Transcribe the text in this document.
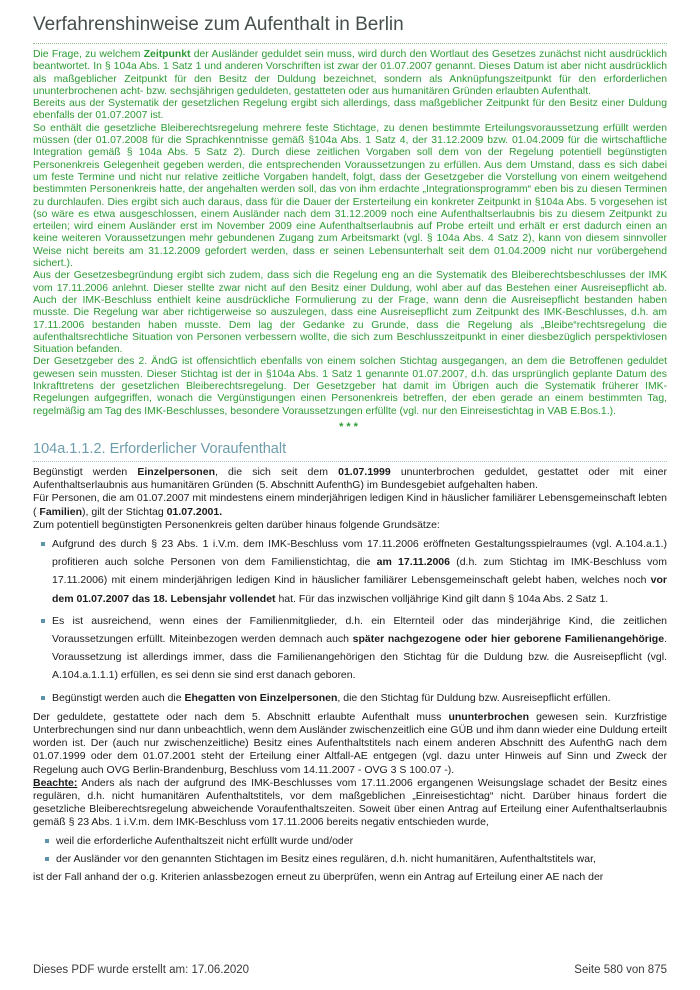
Verfahrenshinweise zum Aufenthalt in Berlin

Die Frage, zu welchem Zeitpunkt der Ausländer geduldet sein muss, wird durch den Wortlaut des Gesetzes zunächst nicht ausdrücklich beantwortet. In § 104a Abs. 1 Satz 1 und anderen Vorschriften ist zwar der 01.07.2007 genannt. Dieses Datum ist aber nicht ausdrücklich als maßgeblicher Zeitpunkt für den Besitz der Duldung bezeichnet, sondern als Anknüpfungszeitpunkt für den erforderlichen ununterbrochenen acht- bzw. sechsjährigen geduldeten, gestatteten oder aus humanitären Gründen erlaubten Aufenthalt.

Bereits aus der Systematik der gesetzlichen Regelung ergibt sich allerdings, dass maßgeblicher Zeitpunkt für den Besitz einer Duldung ebenfalls der 01.07.2007 ist.

So enthält die gesetzliche Bleiberechtsregelung mehrere feste Stichtage, zu denen bestimmte Erteilungsvoraussetzung erfüllt werden müssen (der 01.07.2008 für die Sprachkenntnisse gemäß §104a Abs. 1 Satz 4, der 31.12.2009 bzw. 01.04.2009 für die wirtschaftliche Integration gemäß § 104a Abs. 5 Satz 2). Durch diese zeitlichen Vorgaben soll dem von der Regelung potentiell begünstigten Personenkreis Gelegenheit gegeben werden, die entsprechenden Voraussetzungen zu erfüllen. Aus dem Umstand, dass es sich dabei um feste Termine und nicht nur relative zeitliche Vorgaben handelt, folgt, dass der Gesetzgeber die Vorstellung von einem weitgehend bestimmten Personenkreis hatte, der angehalten werden soll, das von ihm erdachte „Integrationsprogramm“ eben bis zu diesen Terminen zu durchlaufen. Dies ergibt sich auch daraus, dass für die Dauer der Ersterteilung ein konkreter Zeitpunkt in §104a Abs. 5 vorgesehen ist (so wäre es etwa ausgeschlossen, einem Ausländer nach dem 31.12.2009 noch eine Aufenthaltserlaubnis bis zu diesem Zeitpunkt zu erteilen; wird einem Ausländer erst im November 2009 eine Aufenthaltserlaubnis auf Probe erteilt und erhält er erst dadurch einen an keine weiteren Voraussetzungen mehr gebundenen Zugang zum Arbeitsmarkt (vgl. § 104a Abs. 4 Satz 2), kann von diesem sinnvoller Weise nicht bereits am 31.12.2009 gefordert werden, dass er seinen Lebensunterhalt seit dem 01.04.2009 nicht nur vorübergehend sichert.).

Aus der Gesetzesbegründung ergibt sich zudem, dass sich die Regelung eng an die Systematik des Bleiberechtsbeschlusses der IMK vom 17.11.2006 anlehnt. Dieser stellte zwar nicht auf den Besitz einer Duldung, wohl aber auf das Bestehen einer Ausreisepflicht ab. Auch der IMK-Beschluss enthielt keine ausdrückliche Formulierung zu der Frage, wann denn die Ausreisepflicht bestanden haben musste. Die Regelung war aber richtigerweise so auszulegen, dass eine Ausreisepflicht zum Zeitpunkt des IMK-Beschlusses, d.h. am 17.11.2006 bestanden haben musste. Dem lag der Gedanke zu Grunde, dass die Regelung als „Bleibe“rechtsregelung die aufenthaltsrechtliche Situation von Personen verbessern wollte, die sich zum Beschlusszeitpunkt in einer diesbezüglich perspektivlosen Situation befanden.

Der Gesetzgeber des 2. ÄndG ist offensichtlich ebenfalls von einem solchen Stichtag ausgegangen, an dem die Betroffenen geduldet gewesen sein mussten. Dieser Stichtag ist der in §104a Abs. 1 Satz 1 genannte 01.07.2007, d.h. das ursprünglich geplante Datum des Inkrafttretens der gesetzlichen Bleiberechtsregelung. Der Gesetzgeber hat damit im Übrigen auch die Systematik früherer IMK-Regelungen aufgegriffen, wonach die Vergünstigungen einen Personenkreis betreffen, der eben gerade an einem bestimmten Tag, regelmäßig am Tag des IMK-Beschlusses, besondere Voraussetzungen erfüllte (vgl. nur den Einreisestichtag in VAB E.Bos.1.).

***
104a.1.1.2. Erforderlicher Voraufenthalt

Begünstigt werden Einzelpersonen, die sich seit dem 01.07.1999 ununterbrochen geduldet, gestattet oder mit einer Aufenthaltserlaubnis aus humanitären Gründen (5. Abschnitt AufenthG) im Bundesgebiet aufgehalten haben.

Für Personen, die am 01.07.2007 mit mindestens einem minderjährigen ledigen Kind in häuslicher familiärer Lebensgemeinschaft lebten ( Familien), gilt der Stichtag 01.07.2001.

Zum potentiell begünstigten Personenkreis gelten darüber hinaus folgende Grundsätze:

Aufgrund des durch § 23 Abs. 1 i.V.m. dem IMK-Beschluss vom 17.11.2006 eröffneten Gestaltungsspielraumes (vgl. A.104.a.1.) profitieren auch solche Personen von dem Familienstichtag, die am 17.11.2006 (d.h. zum Stichtag im IMK-Beschluss vom 17.11.2006) mit einem minderjährigen ledigen Kind in häuslicher familiärer Lebensgemeinschaft gelebt haben, welches noch vor dem 01.07.2007 das 18. Lebensjahr vollendet hat. Für das inzwischen volljährige Kind gilt dann § 104a Abs. 2 Satz 1.
Es ist ausreichend, wenn eines der Familienmitglieder, d.h. ein Elternteil oder das minderjährige Kind, die zeitlichen Voraussetzungen erfüllt. Miteinbezogen werden demnach auch später nachgezogene oder hier geborene Familienangehörige. Voraussetzung ist allerdings immer, dass die Familienangehörigen den Stichtag für die Duldung bzw. die Ausreisepflicht (vgl. A.104.a.1.1.1) erfüllen, es sei denn sie sind erst danach geboren.
Begünstigt werden auch die Ehegatten von Einzelpersonen, die den Stichtag für Duldung bzw. Ausreisepflicht erfüllen.

Der geduldete, gestattete oder nach dem 5. Abschnitt erlaubte Aufenthalt muss ununterbrochen gewesen sein. Kurzfristige Unterbrechungen sind nur dann unbeachtlich, wenn dem Ausländer zwischenzeitlich eine GÜB und ihm dann wieder eine Duldung erteilt worden ist. Der (auch nur zwischenzeitliche) Besitz eines Aufenthaltstitels nach einem anderen Abschnitt des AufenthG nach dem 01.07.1999 oder dem 01.07.2001 steht der Erteilung einer Altfall-AE entgegen (vgl. dazu unter Hinweis auf Sinn und Zweck der Regelung auch OVG Berlin-Brandenburg, Beschluss vom 14.11.2007 - OVG 3 S 100.07 -).

Beachte: Anders als nach der aufgrund des IMK-Beschlusses vom 17.11.2006 ergangenen Weisungslage schadet der Besitz eines regulären, d.h. nicht humanitären Aufenthaltstitels, vor dem maßgeblichen „Einreisestichtag“ nicht. Darüber hinaus fordert die gesetzliche Bleiberechtsregelung abweichende Voraufenthaltszeiten. Soweit über einen Antrag auf Erteilung einer Aufenthaltserlaubnis gemäß § 23 Abs. 1 i.V.m. dem IMK-Beschluss vom 17.11.2006 bereits negativ entschieden wurde,

weil die erforderliche Aufenthaltszeit nicht erfüllt wurde und/oder
der Ausländer vor den genannten Stichtagen im Besitz eines regulären, d.h. nicht humanitären, Aufenthaltstitels war,

ist der Fall anhand der o.g. Kriterien anlassbezogen erneut zu überprüfen, wenn ein Antrag auf Erteilung einer AE nach der

Dieses PDF wurde erstellt am: 17.06.2020	Seite 580 von 875
